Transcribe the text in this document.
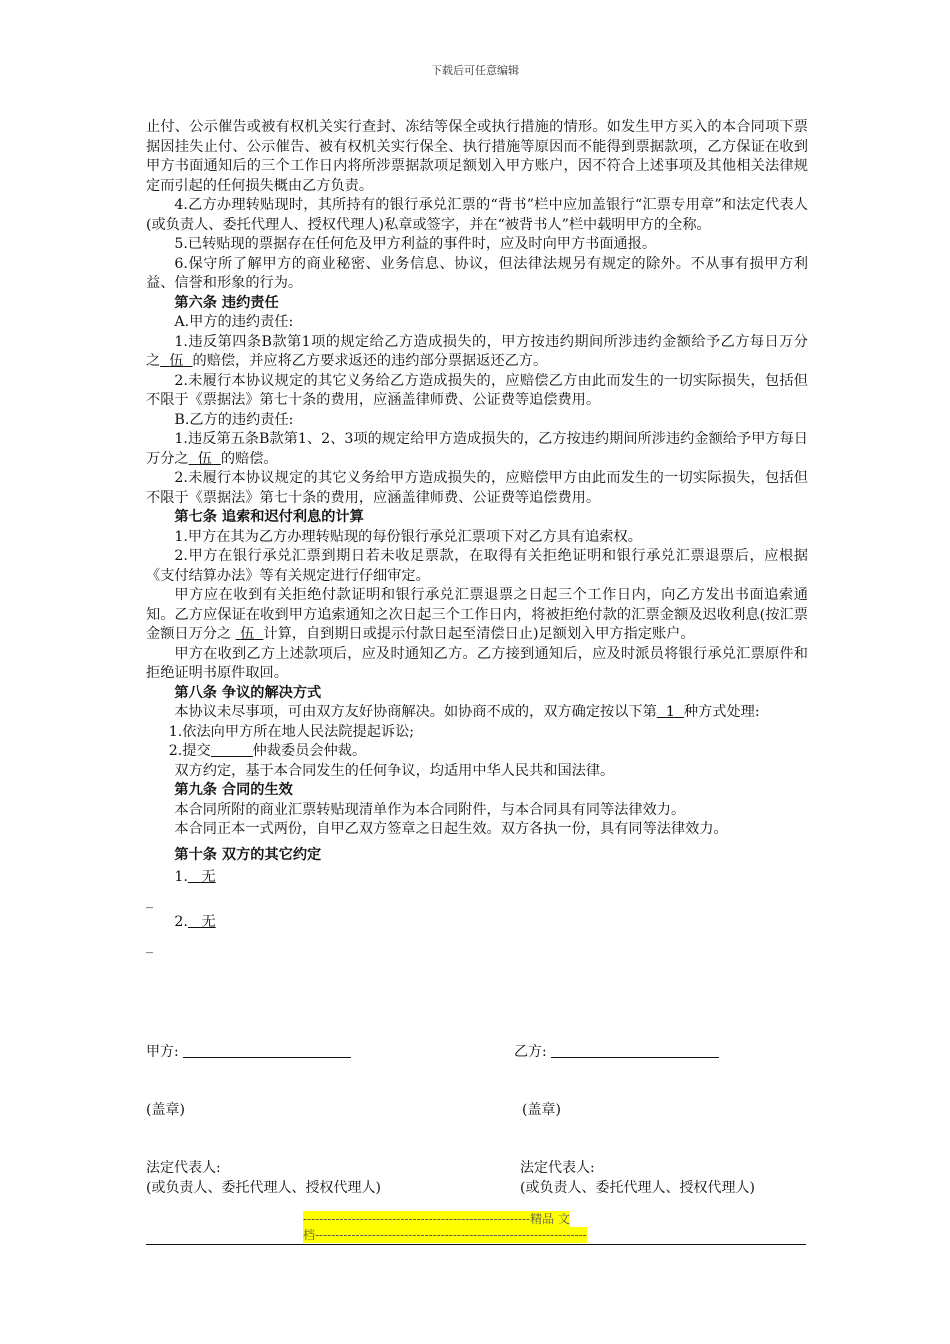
下载后可任意编辑

止付、公示催告或被有权机关实行查封、冻结等保全或执行措施的情形。如发生甲方买入的本合同项下票据因挂失止付、公示催告、被有权机关实行保全、执行措施等原因而不能得到票据款项，乙方保证在收到甲方书面通知后的三个工作日内将所涉票据款项足额划入甲方账户，因不符合上述事项及其他相关法律规定而引起的任何损失概由乙方负责。

4.乙方办理转贴现时，其所持有的银行承兑汇票的“背书”栏中应加盖银行“汇票专用章”和法定代表人(或负责人、委托代理人、授权代理人)私章或签字，并在“被背书人”栏中载明甲方的全称。

5.已转贴现的票据存在任何危及甲方利益的事件时，应及时向甲方书面通报。

6.保守所了解甲方的商业秘密、业务信息、协议，但法律法规另有规定的除外。不从事有损甲方利益、信誉和形象的行为。

第六条 违约责任

A.甲方的违约责任:

1.违反第四条B款第1项的规定给乙方造成损失的，甲方按违约期间所涉违约金额给予乙方每日万分之 伍 的赔偿，并应将乙方要求返还的违约部分票据返还乙方。

2.未履行本协议规定的其它义务给乙方造成损失的，应赔偿乙方由此而发生的一切实际损失，包括但不限于《票据法》第七十条的费用，应涵盖律师费、公证费等追偿费用。

B.乙方的违约责任:

1.违反第五条B款第1、2、3项的规定给甲方造成损失的，乙方按违约期间所涉违约金额给予甲方每日万分之 伍 的赔偿。

2.未履行本协议规定的其它义务给甲方造成损失的，应赔偿甲方由此而发生的一切实际损失，包括但不限于《票据法》第七十条的费用，应涵盖律师费、公证费等追偿费用。

第七条 追索和迟付利息的计算

1.甲方在其为乙方办理转贴现的每份银行承兑汇票项下对乙方具有追索权。

2.甲方在银行承兑汇票到期日若未收足票款，在取得有关拒绝证明和银行承兑汇票退票后，应根据《支付结算办法》等有关规定进行仔细审定。

甲方应在收到有关拒绝付款证明和银行承兑汇票退票之日起三个工作日内，向乙方发出书面追索通知。乙方应保证在收到甲方追索通知之次日起三个工作日内，将被拒绝付款的汇票金额及迟收利息(按汇票金额日万分之  伍 计算，自到期日或提示付款日起至清偿日止)足额划入甲方指定账户。

甲方在收到乙方上述款项后，应及时通知乙方。乙方接到通知后，应及时派员将银行承兑汇票原件和拒绝证明书原件取回。

第八条 争议的解决方式

本协议未尽事项，可由双方友好协商解决。如协商不成的，双方确定按以下第 1 种方式处理:

1.依法向甲方所在地人民法院提起诉讼;

2.提交	仲裁委员会仲裁。

双方约定，基于本合同发生的任何争议，均适用中华人民共和国法律。

第九条 合同的生效

本合同所附的商业汇票转贴现清单作为本合同附件，与本合同具有同等法律效力。

本合同正本一式两份，自甲乙双方签章之日起生效。双方各执一份，具有同等法律效力。

第十条 双方的其它约定

1. 无

_

2. 无

_

甲方:	乙方:
(盖章)	(盖章)
法定代表人:
(或负责人、委托代理人、授权代理人)
法定代表人:
(或负责人、委托代理人、授权代理人)
--------------------------------------------------------精品 文
档-------------------------------------------------------------------
